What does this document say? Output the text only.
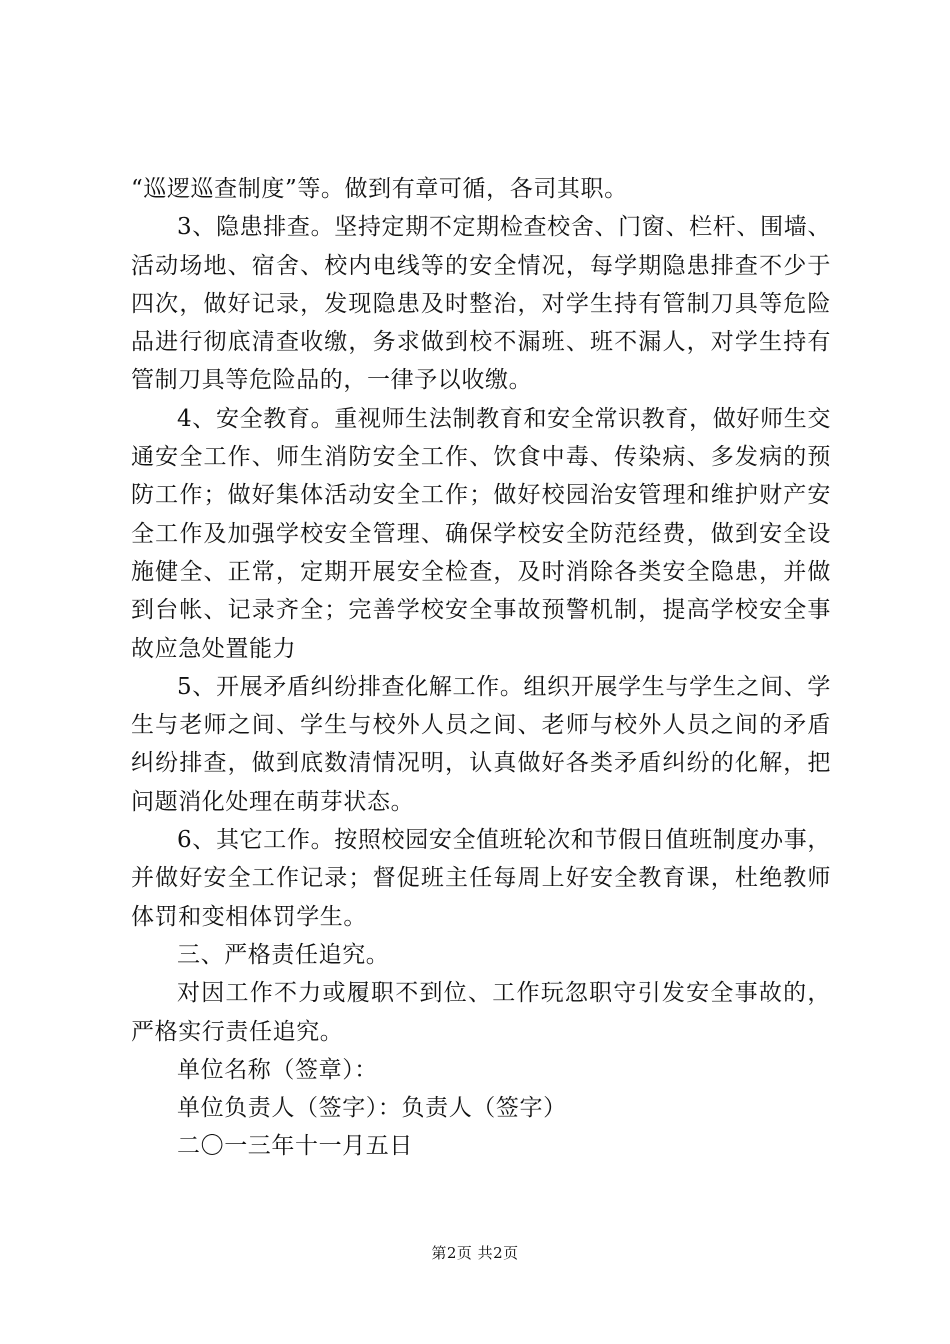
“巡逻巡查制度”等。做到有章可循，各司其职。

3、隐患排查。坚持定期不定期检查校舍、门窗、栏杆、围墙、活动场地、宿舍、校内电线等的安全情况，每学期隐患排查不少于四次，做好记录，发现隐患及时整治，对学生持有管制刀具等危险品进行彻底清查收缴，务求做到校不漏班、班不漏人，对学生持有管制刀具等危险品的，一律予以收缴。

4、安全教育。重视师生法制教育和安全常识教育，做好师生交通安全工作、师生消防安全工作、饮食中毒、传染病、多发病的预防工作；做好集体活动安全工作；做好校园治安管理和维护财产安全工作及加强学校安全管理、确保学校安全防范经费，做到安全设施健全、正常，定期开展安全检查，及时消除各类安全隐患，并做到台帐、记录齐全；完善学校安全事故预警机制，提高学校安全事故应急处置能力

5、开展矛盾纠纷排查化解工作。组织开展学生与学生之间、学生与老师之间、学生与校外人员之间、老师与校外人员之间的矛盾纠纷排查，做到底数清情况明，认真做好各类矛盾纠纷的化解，把问题消化处理在萌芽状态。

6、其它工作。按照校园安全值班轮次和节假日值班制度办事，并做好安全工作记录；督促班主任每周上好安全教育课，杜绝教师体罚和变相体罚学生。

三、严格责任追究。

对因工作不力或履职不到位、工作玩忽职守引发安全事故的，严格实行责任追究。

单位名称（签章）：

单位负责人（签字）：负责人（签字）

二〇一三年十一月五日

第2页 共2页
